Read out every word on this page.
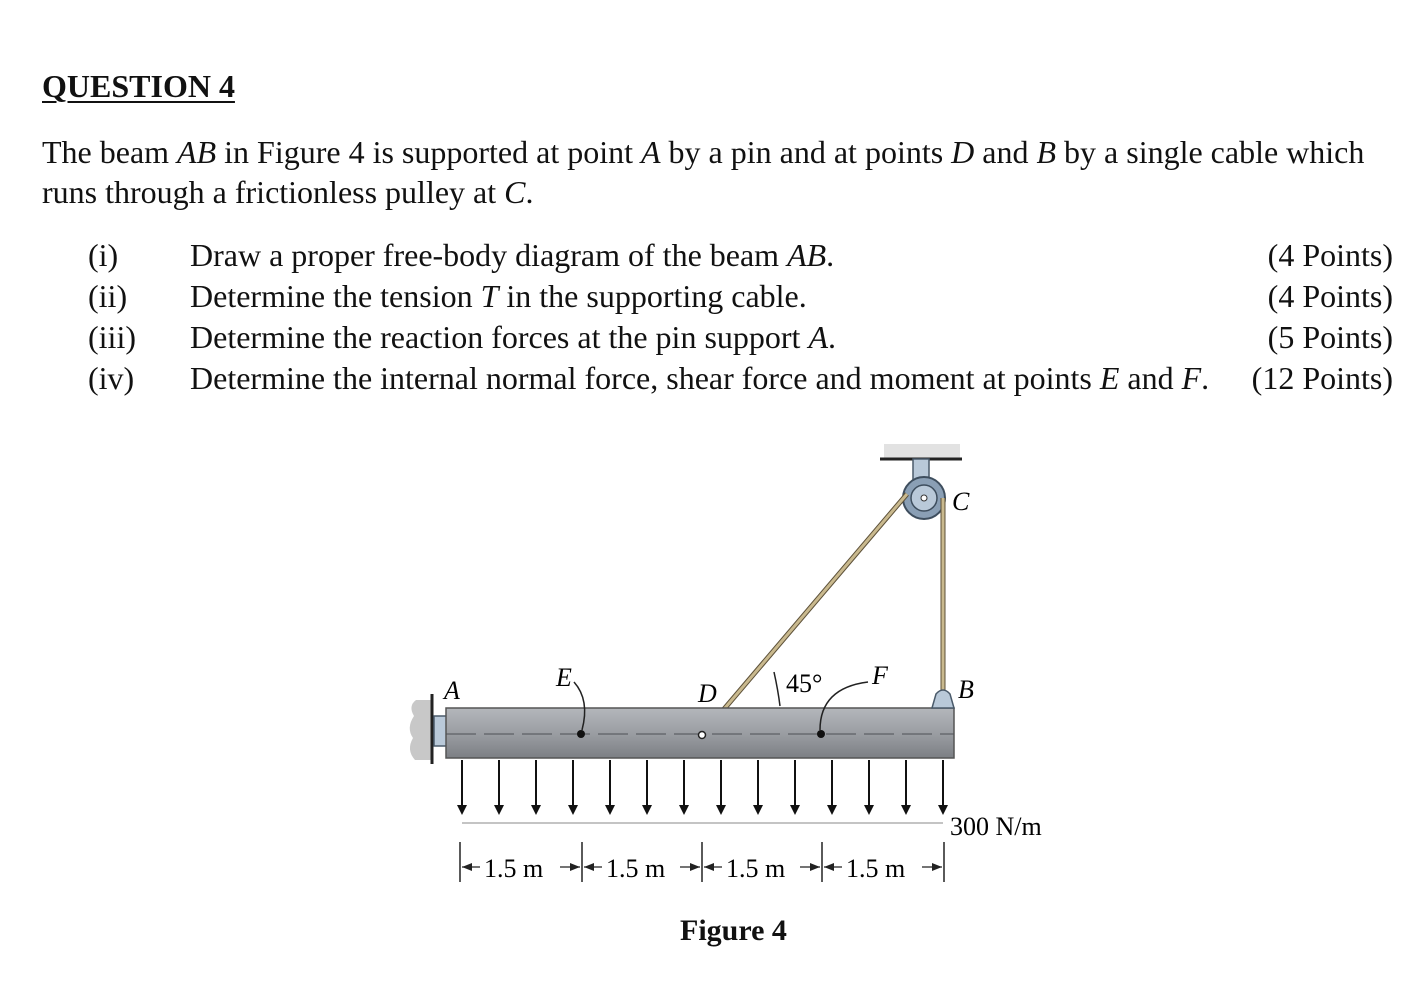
QUESTION 4
The beam AB in Figure 4 is supported at point A by a pin and at points D and B by a single cable which runs through a frictionless pulley at C.
(i) Draw a proper free-body diagram of the beam AB.	(4 Points)
(ii) Determine the tension T in the supporting cable.	(4 Points)
(iii) Determine the reaction forces at the pin support A.	(5 Points)
(iv) Determine the internal normal force, shear force and moment at points E and F. (12 Points)
C
A	B
E
D
F
45°
300 N/m
1.5 m 1.5 m 1.5 m 1.5 m
Figure 4
